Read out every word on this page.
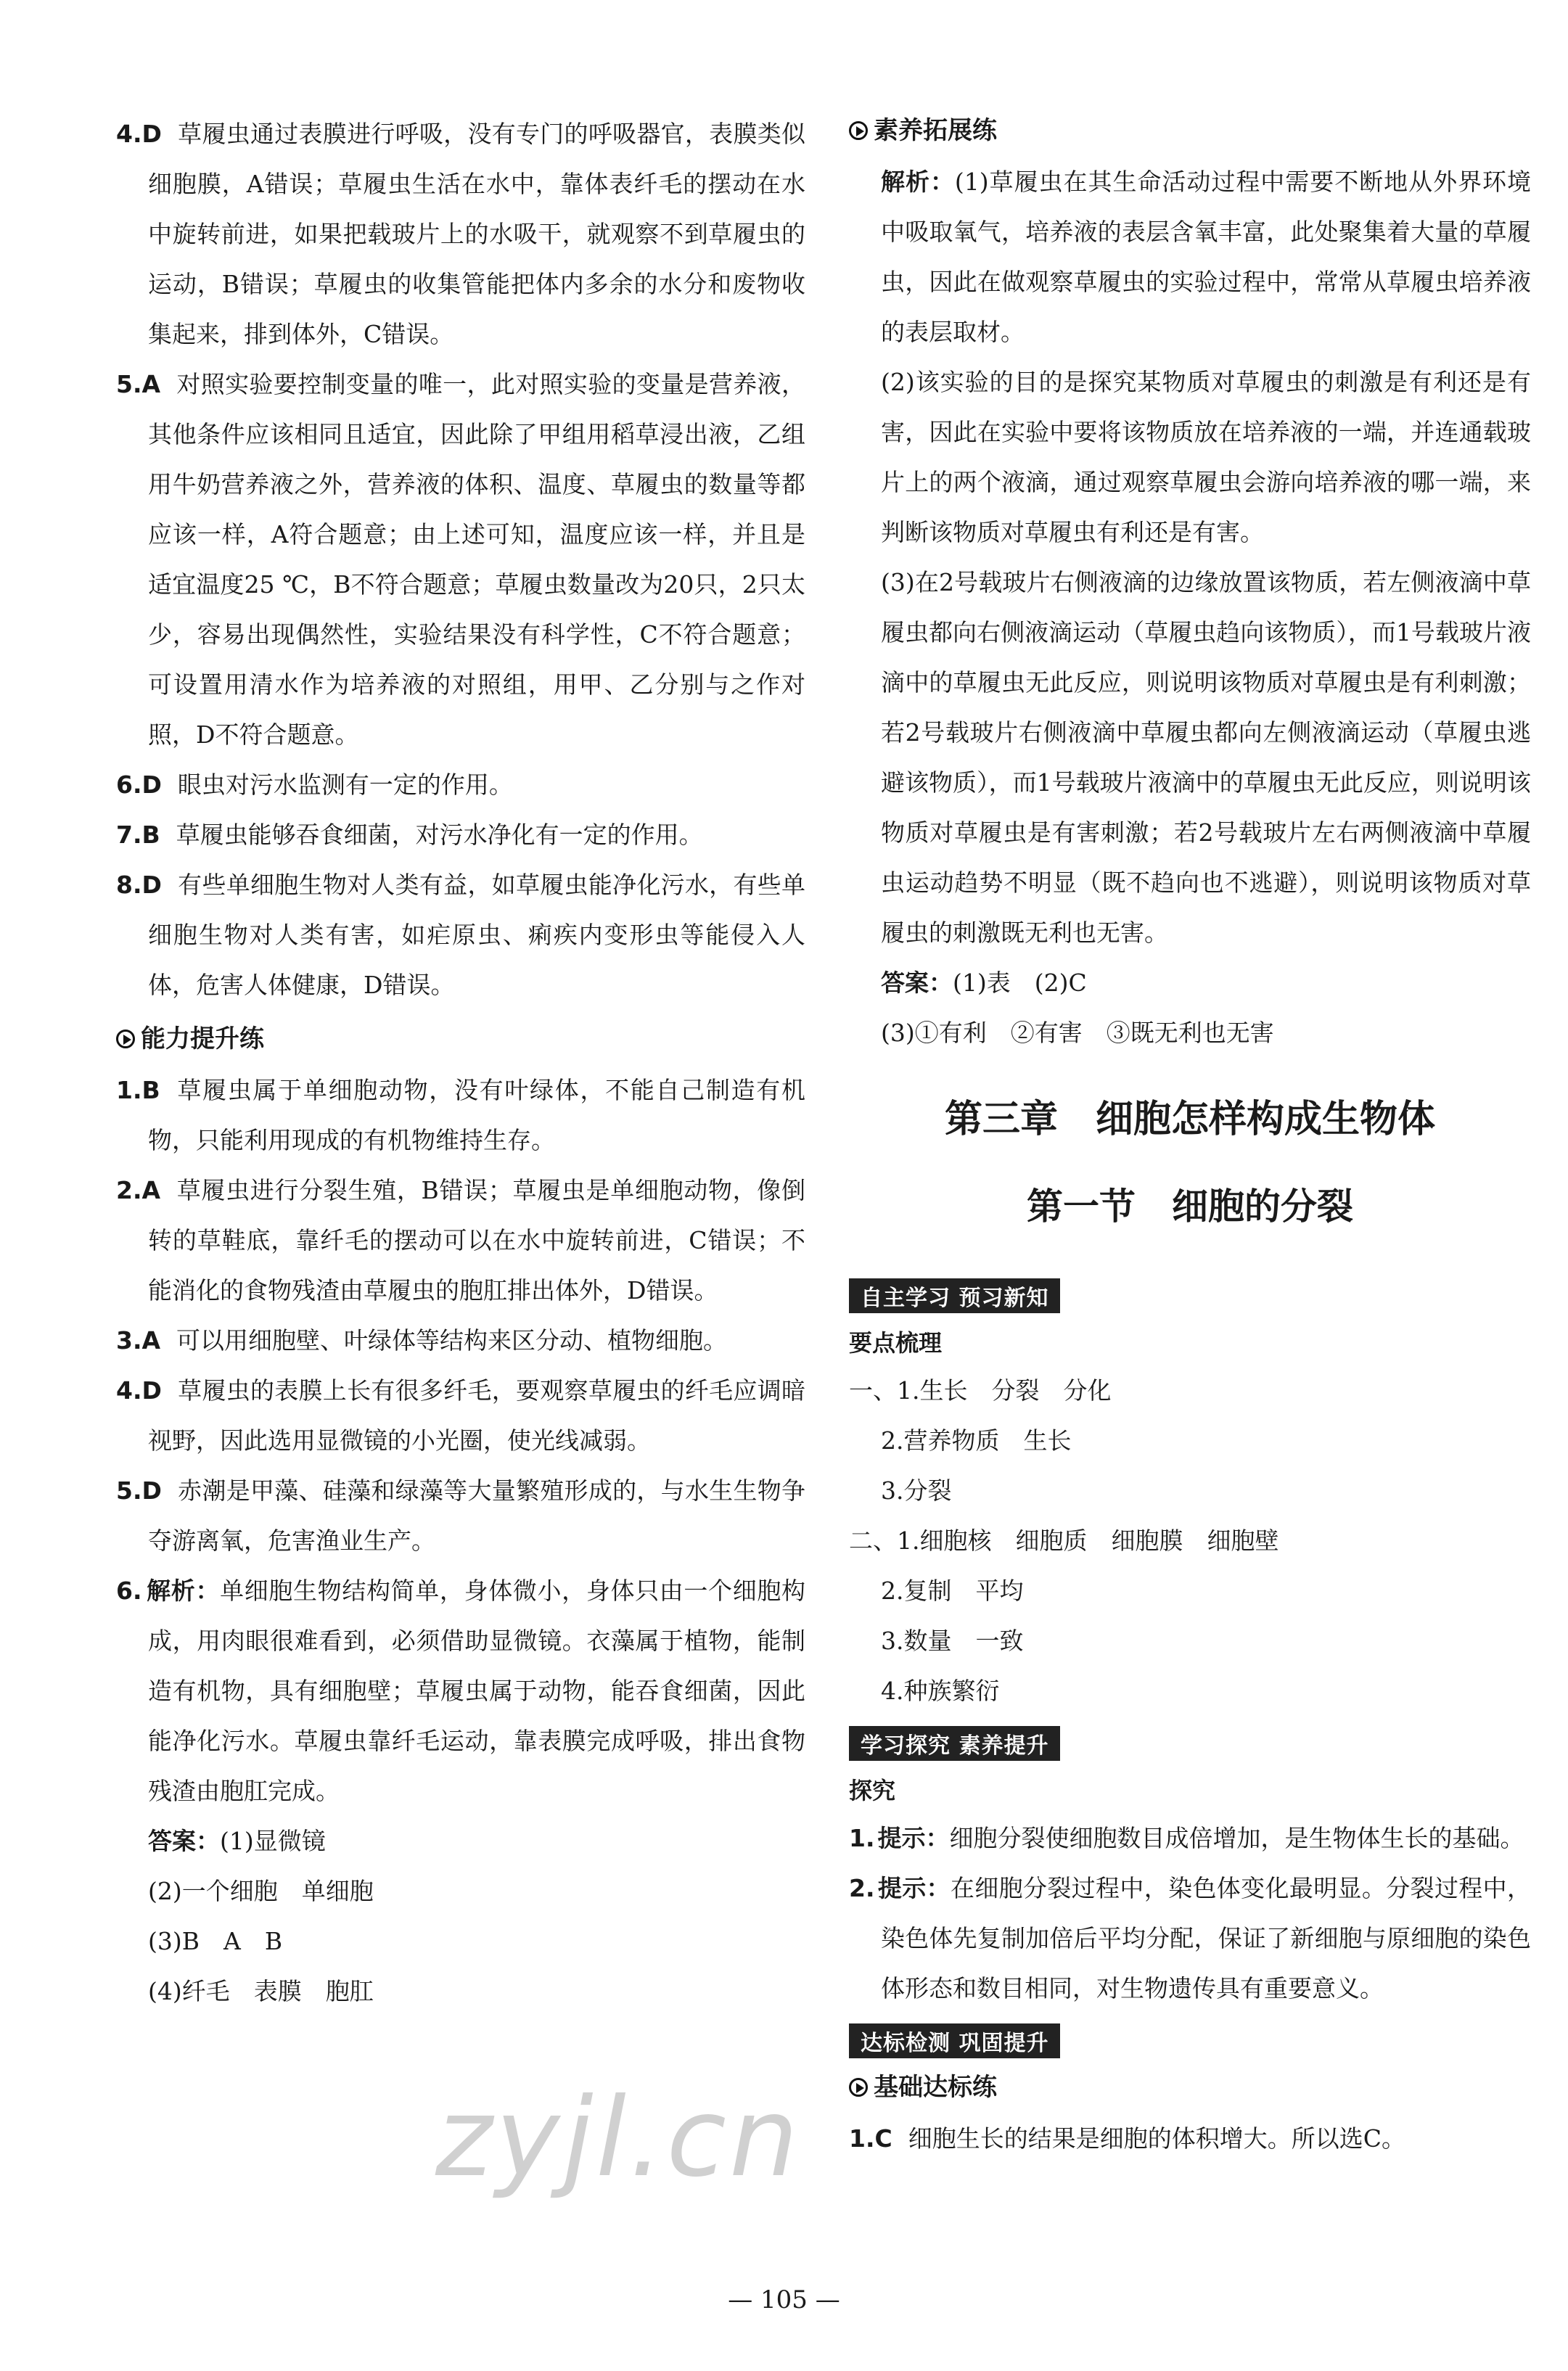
4.D 草履虫通过表膜进行呼吸，没有专门的呼吸器官，表膜类似细胞膜，A错误；草履虫生活在水中，靠体表纤毛的摆动在水中旋转前进，如果把载玻片上的水吸干，就观察不到草履虫的运动，B错误；草履虫的收集管能把体内多余的水分和废物收集起来，排到体外，C错误。

5.A 对照实验要控制变量的唯一，此对照实验的变量是营养液，其他条件应该相同且适宜，因此除了甲组用稻草浸出液，乙组用牛奶营养液之外，营养液的体积、温度、草履虫的数量等都应该一样，A符合题意；由上述可知，温度应该一样，并且是适宜温度25 ℃，B不符合题意；草履虫数量改为20只，2只太少，容易出现偶然性，实验结果没有科学性，C不符合题意；可设置用清水作为培养液的对照组，用甲、乙分别与之作对照，D不符合题意。

6.D 眼虫对污水监测有一定的作用。

7.B 草履虫能够吞食细菌，对污水净化有一定的作用。

8.D 有些单细胞生物对人类有益，如草履虫能净化污水，有些单细胞生物对人类有害，如疟原虫、痢疾内变形虫等能侵入人体，危害人体健康，D错误。

能力提升练

1.B 草履虫属于单细胞动物，没有叶绿体，不能自己制造有机物，只能利用现成的有机物维持生存。

2.A 草履虫进行分裂生殖，B错误；草履虫是单细胞动物，像倒转的草鞋底，靠纤毛的摆动可以在水中旋转前进，C错误；不能消化的食物残渣由草履虫的胞肛排出体外，D错误。

3.A 可以用细胞壁、叶绿体等结构来区分动、植物细胞。

4.D 草履虫的表膜上长有很多纤毛，要观察草履虫的纤毛应调暗视野，因此选用显微镜的小光圈，使光线减弱。

5.D 赤潮是甲藻、硅藻和绿藻等大量繁殖形成的，与水生生物争夺游离氧，危害渔业生产。

6. 解析：单细胞生物结构简单，身体微小，身体只由一个细胞构成，用肉眼很难看到，必须借助显微镜。衣藻属于植物，能制造有机物，具有细胞壁；草履虫属于动物，能吞食细菌，因此能净化污水。草履虫靠纤毛运动，靠表膜完成呼吸，排出食物残渣由胞肛完成。

答案：(1)显微镜

(2)一个细胞　单细胞

(3)B　A　B

(4)纤毛　表膜　胞肛

素养拓展练

解析：(1)草履虫在其生命活动过程中需要不断地从外界环境中吸取氧气，培养液的表层含氧丰富，此处聚集着大量的草履虫，因此在做观察草履虫的实验过程中，常常从草履虫培养液的表层取材。

(2)该实验的目的是探究某物质对草履虫的刺激是有利还是有害，因此在实验中要将该物质放在培养液的一端，并连通载玻片上的两个液滴，通过观察草履虫会游向培养液的哪一端，来判断该物质对草履虫有利还是有害。

(3)在2号载玻片右侧液滴的边缘放置该物质，若左侧液滴中草履虫都向右侧液滴运动（草履虫趋向该物质），而1号载玻片液滴中的草履虫无此反应，则说明该物质对草履虫是有利刺激；若2号载玻片右侧液滴中草履虫都向左侧液滴运动（草履虫逃避该物质），而1号载玻片液滴中的草履虫无此反应，则说明该物质对草履虫是有害刺激；若2号载玻片左右两侧液滴中草履虫运动趋势不明显（既不趋向也不逃避），则说明该物质对草履虫的刺激既无利也无害。

答案：(1)表　(2)C

(3)①有利　②有害　③既无利也无害

第三章　细胞怎样构成生物体
第一节　细胞的分裂
自主学习 预习新知
要点梳理
一、1.生长　分裂　分化
2.营养物质　生长
3.分裂
二、1.细胞核　细胞质　细胞膜　细胞壁
2.复制　平均
3.数量　一致
4.种族繁衍
学习探究 素养提升
探究

1. 提示：细胞分裂使细胞数目成倍增加，是生物体生长的基础。

2. 提示：在细胞分裂过程中，染色体变化最明显。分裂过程中，染色体先复制加倍后平均分配，保证了新细胞与原细胞的染色体形态和数目相同，对生物遗传具有重要意义。

达标检测 巩固提升
基础达标练

1.C 细胞生长的结果是细胞的体积增大。所以选C。

zyjl.cn
— 105 —
